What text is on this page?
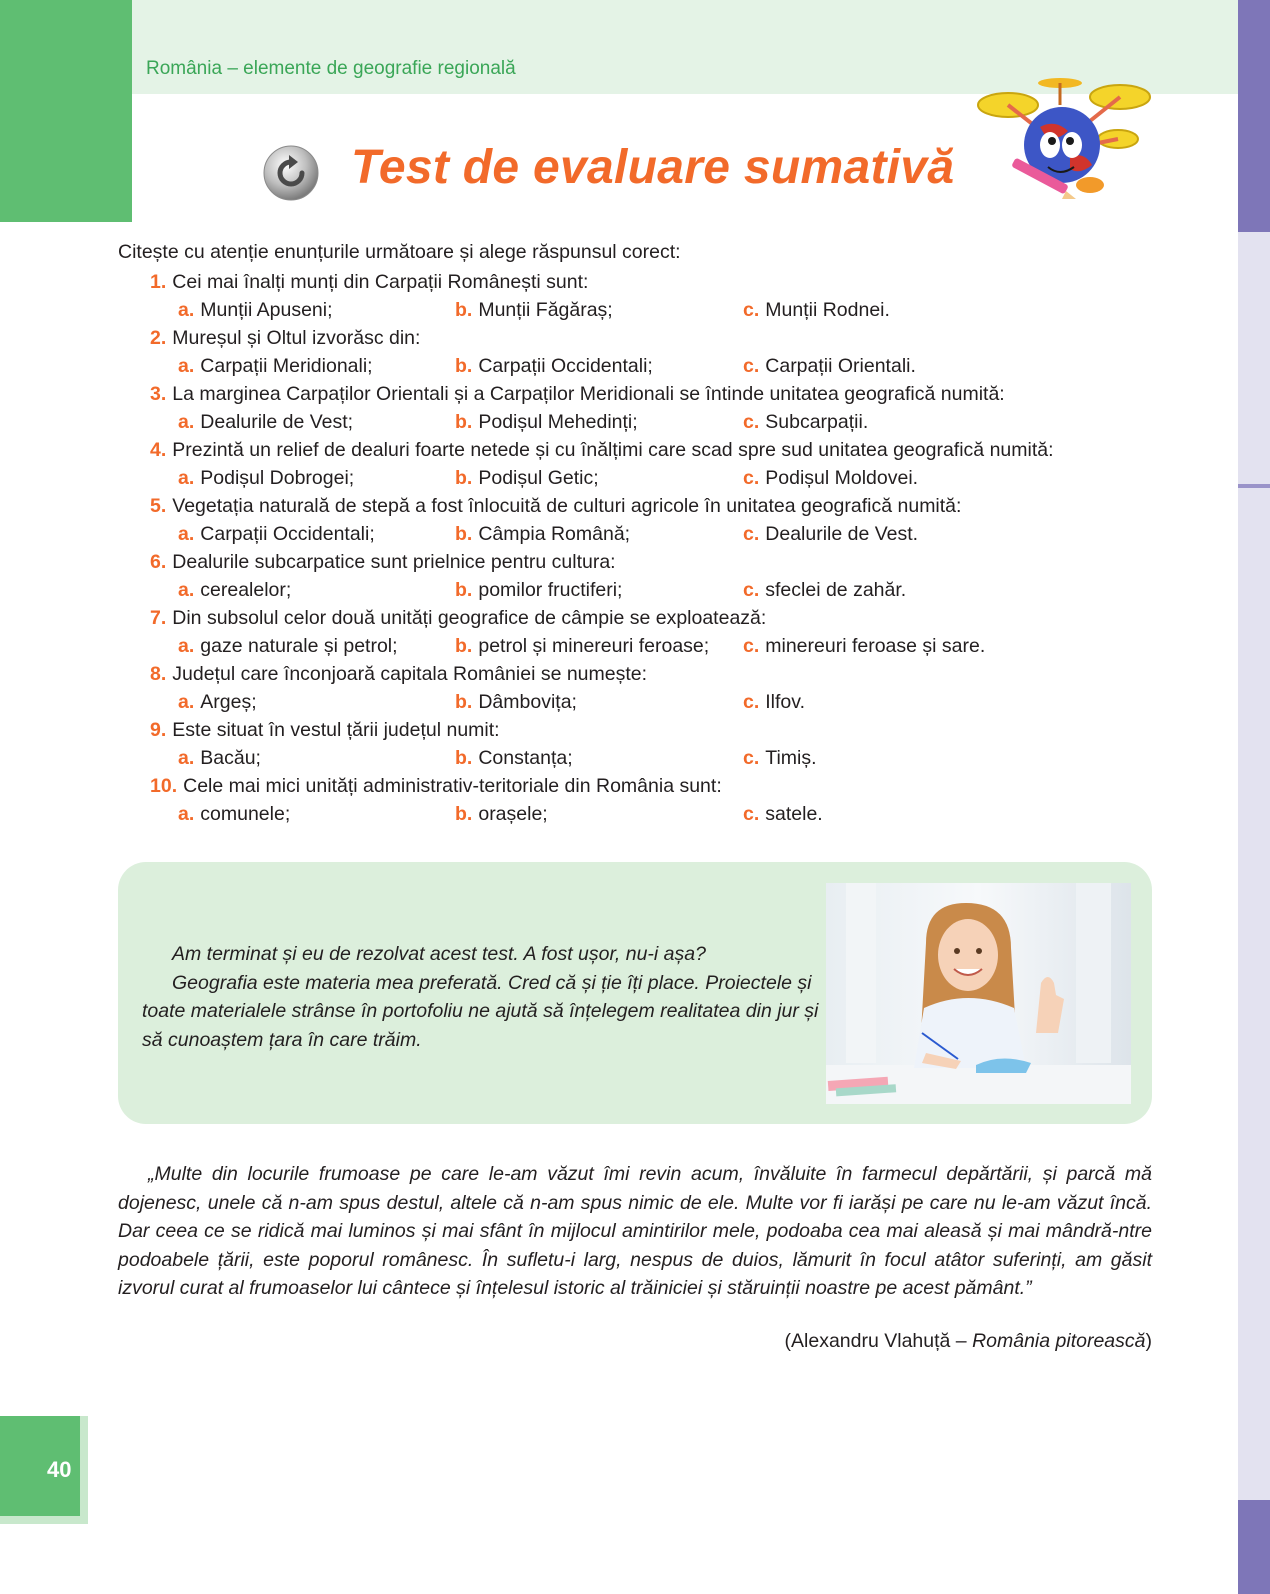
România – elemente de geografie regională
Test de evaluare sumativă
Citește cu atenție enunțurile următoare și alege răspunsul corect:
1. Cei mai înalți munți din Carpații Românești sunt:
a. Munții Apuseni;	b. Munții Făgăraș;	c. Munții Rodnei.
2. Mureșul și Oltul izvorăsc din:
a. Carpații Meridionali;	b. Carpații Occidentali;	c. Carpații Orientali.
3. La marginea Carpaților Orientali și a Carpaților Meridionali se întinde unitatea geografică numită:
a. Dealurile de Vest;	b. Podișul Mehedinți;	c. Subcarpații.
4. Prezintă un relief de dealuri foarte netede și cu înălțimi care scad spre sud unitatea geografică numită:
a. Podișul Dobrogei;	b. Podișul Getic;	c. Podișul Moldovei.
5. Vegetația naturală de stepă a fost înlocuită de culturi agricole în unitatea geografică numită:
a. Carpații Occidentali;	b. Câmpia Română;	c. Dealurile de Vest.
6. Dealurile subcarpatice sunt prielnice pentru cultura:
a. cerealelor;	b. pomilor fructiferi;	c. sfeclei de zahăr.
7. Din subsolul celor două unități geografice de câmpie se exploatează:
a. gaze naturale și petrol;	b. petrol și minereuri feroase; c. minereuri feroase și sare.
8. Județul care înconjoară capitala României se numește:
a. Argeș;	b. Dâmbovița;	c. Ilfov.
9. Este situat în vestul țării județul numit:
a. Bacău;	b. Constanța;	c. Timiș.
10. Cele mai mici unități administrativ-teritoriale din România sunt:
a. comunele;	b. orașele;	c. satele.

Am terminat și eu de rezolvat acest test. A fost ușor, nu-i așa?

Geografia este materia mea preferată. Cred că și ție îți place. Proiectele și toate materialele strânse în portofoliu ne ajută să înțelegem realitatea din jur și să cunoaștem țara în care trăim.

„Multe din locurile frumoase pe care le-am văzut îmi revin acum, învăluite în farmecul depărtării, și parcă mă dojenesc, unele că n-am spus destul, altele că n-am spus nimic de ele. Multe vor fi iarăși pe care nu le-am văzut încă. Dar ceea ce se ridică mai luminos și mai sfânt în mijlocul amintirilor mele, podoaba cea mai aleasă și mai mândră-ntre podoabele țării, este poporul românesc. În sufletu-i larg, nespus de duios, lămurit în focul atâtor suferinți, am găsit izvorul curat al frumoaselor lui cântece și înțelesul istoric al trăiniciei și stăruinții noastre pe acest pământ.”

(Alexandru Vlahuță – România pitorească)
40
